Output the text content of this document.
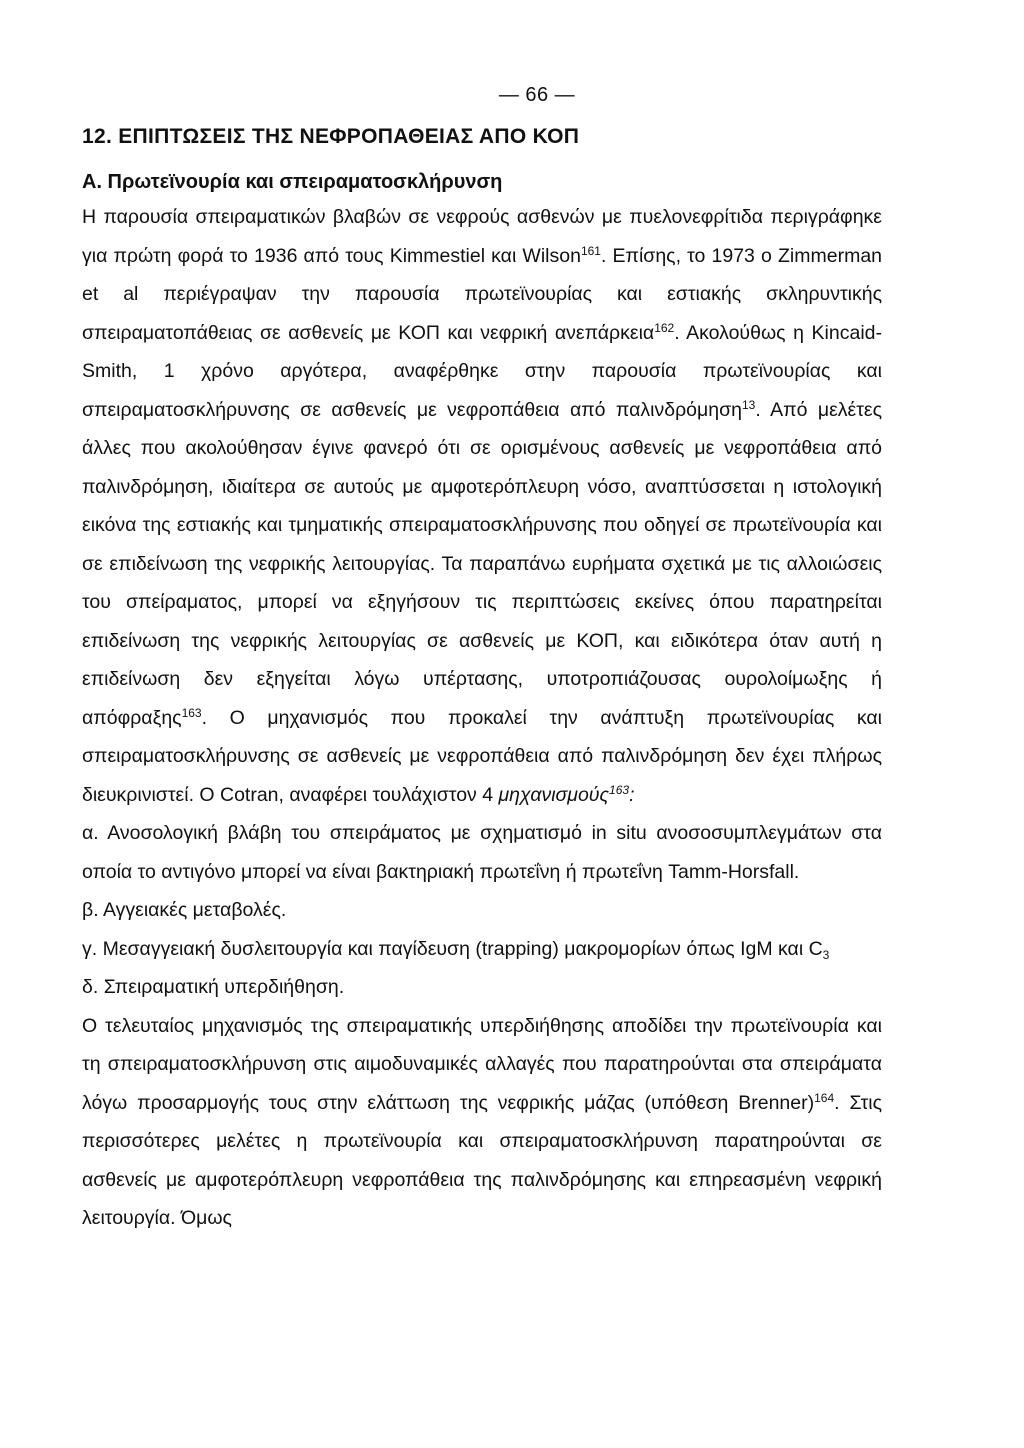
— 66 —
12. ΕΠΙΠΤΩΣΕΙΣ ΤΗΣ ΝΕΦΡΟΠΑΘΕΙΑΣ ΑΠΟ ΚΟΠ
Α. Πρωτεϊνουρία και σπειραματοσκλήρυνση

Η παρουσία σπειραματικών βλαβών σε νεφρούς ασθενών με πυελονεφρίτιδα περιγράφηκε για πρώτη φορά το 1936 από τους Kimmestiel και Wilson$^{161}$. Επίσης, το 1973 ο Zimmerman et al περιέγραψαν την παρουσία πρωτεϊνουρίας και εστιακής σκληρυντικής σπειραματοπάθειας σε ασθενείς με ΚΟΠ και νεφρική ανεπάρκεια$^{162}$. Ακολούθως η Kincaid-Smith, 1 χρόνο αργότερα, αναφέρθηκε στην παρουσία πρωτεϊνουρίας και σπειραματοσκλήρυνσης σε ασθενείς με νεφροπάθεια από παλινδρόμηση$^{13}$. Από μελέτες άλλες που ακολούθησαν έγινε φανερό ότι σε ορισμένους ασθενείς με νεφροπάθεια από παλινδρόμηση, ιδιαίτερα σε αυτούς με αμφοτερόπλευρη νόσο, αναπτύσσεται η ιστολογική εικόνα της εστιακής και τμηματικής σπειραματοσκλήρυνσης που οδηγεί σε πρωτεϊνουρία και σε επιδείνωση της νεφρικής λειτουργίας. Τα παραπάνω ευρήματα σχετικά με τις αλλοιώσεις του σπείραματος, μπορεί να εξηγήσουν τις περιπτώσεις εκείνες όπου παρατηρείται επιδείνωση της νεφρικής λειτουργίας σε ασθενείς με ΚΟΠ, και ειδικότερα όταν αυτή η επιδείνωση δεν εξηγείται λόγω υπέρτασης, υποτροπιάζουσας ουρολοίμωξης ή απόφραξης$^{163}$. Ο μηχανισμός που προκαλεί την ανάπτυξη πρωτεϊνουρίας και σπειραματοσκλήρυνσης σε ασθενείς με νεφροπάθεια από παλινδρόμηση δεν έχει πλήρως διευκρινιστεί. Ο Cotran, αναφέρει τουλάχιστον 4 μηχανισμούς$^{163}$:

α. Ανοσολογική βλάβη του σπειράματος με σχηματισμό in situ ανοσοσυμπλεγμάτων στα οποία το αντιγόνο μπορεί να είναι βακτηριακή πρωτεΐνη ή πρωτεΐνη Tamm-Horsfall.

β. Αγγειακές μεταβολές.

γ. Μεσαγγειακή δυσλειτουργία και παγίδευση (trapping) μακρομορίων όπως IgM και $C_3$

δ. Σπειραματική υπερδιήθηση.

Ο τελευταίος μηχανισμός της σπειραματικής υπερδιήθησης αποδίδει την πρωτεϊνουρία και τη σπειραματοσκλήρυνση στις αιμοδυναμικές αλλαγές που παρατηρούνται στα σπειράματα λόγω προσαρμογής τους στην ελάττωση της νεφρικής μάζας (υπόθεση Brenner)$^{164}$. Στις περισσότερες μελέτες η πρωτεϊνουρία και σπειραματοσκλήρυνση παρατηρούνται σε ασθενείς με αμφοτερόπλευρη νεφροπάθεια της παλινδρόμησης και επηρεασμένη νεφρική λειτουργία. Όμως
